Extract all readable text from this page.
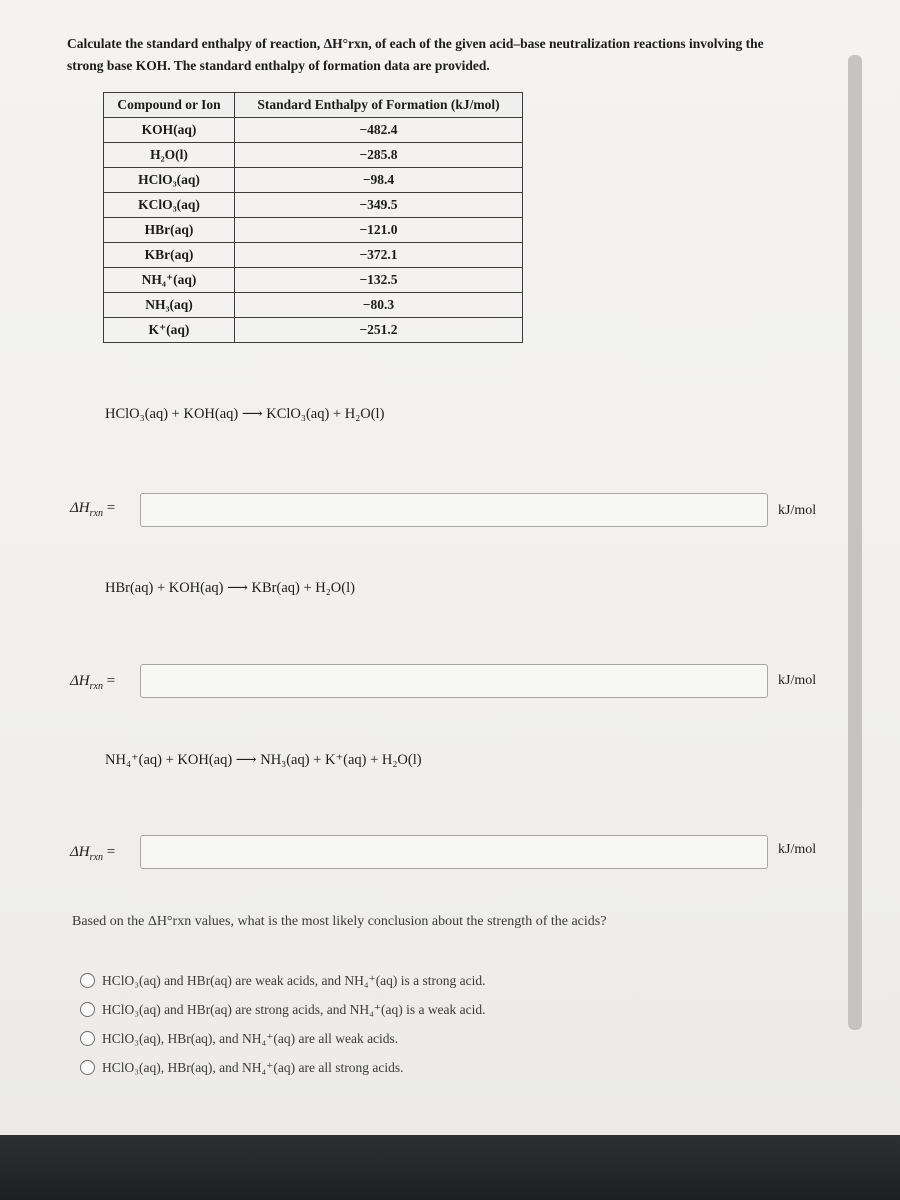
Calculate the standard enthalpy of reaction, ΔH°rxn, of each of the given acid–base neutralization reactions involving the
strong base KOH. The standard enthalpy of formation data are provided.
Compound or Ion	Standard Enthalpy of Formation (kJ/mol)
KOH(aq)	−482.4
H₂O(l)	−285.8
HClO₃(aq)	−98.4
KClO₃(aq)	−349.5
HBr(aq)	−121.0
KBr(aq)	−372.1
NH₄⁺(aq)	−132.5
NH₃(aq)	−80.3
K⁺(aq)	−251.2
HClO₃(aq) + KOH(aq) ⟶ KClO₃(aq) + H₂O(l)
$\Delta H_{rxn}$ =	kJ/mol
HBr(aq) + KOH(aq) ⟶ KBr(aq) + H₂O(l)
$\Delta H_{rxn}$ =	kJ/mol
NH₄⁺(aq) + KOH(aq) ⟶ NH₃(aq) + K⁺(aq) + H₂O(l)
$\Delta H_{rxn}$ =	kJ/mol
Based on the ΔH°rxn values, what is the most likely conclusion about the strength of the acids?
HClO₃(aq) and HBr(aq) are weak acids, and NH₄⁺(aq) is a strong acid.
HClO₃(aq) and HBr(aq) are strong acids, and NH₄⁺(aq) is a weak acid.
HClO₃(aq), HBr(aq), and NH₄⁺(aq) are all weak acids.
HClO₃(aq), HBr(aq), and NH₄⁺(aq) are all strong acids.
